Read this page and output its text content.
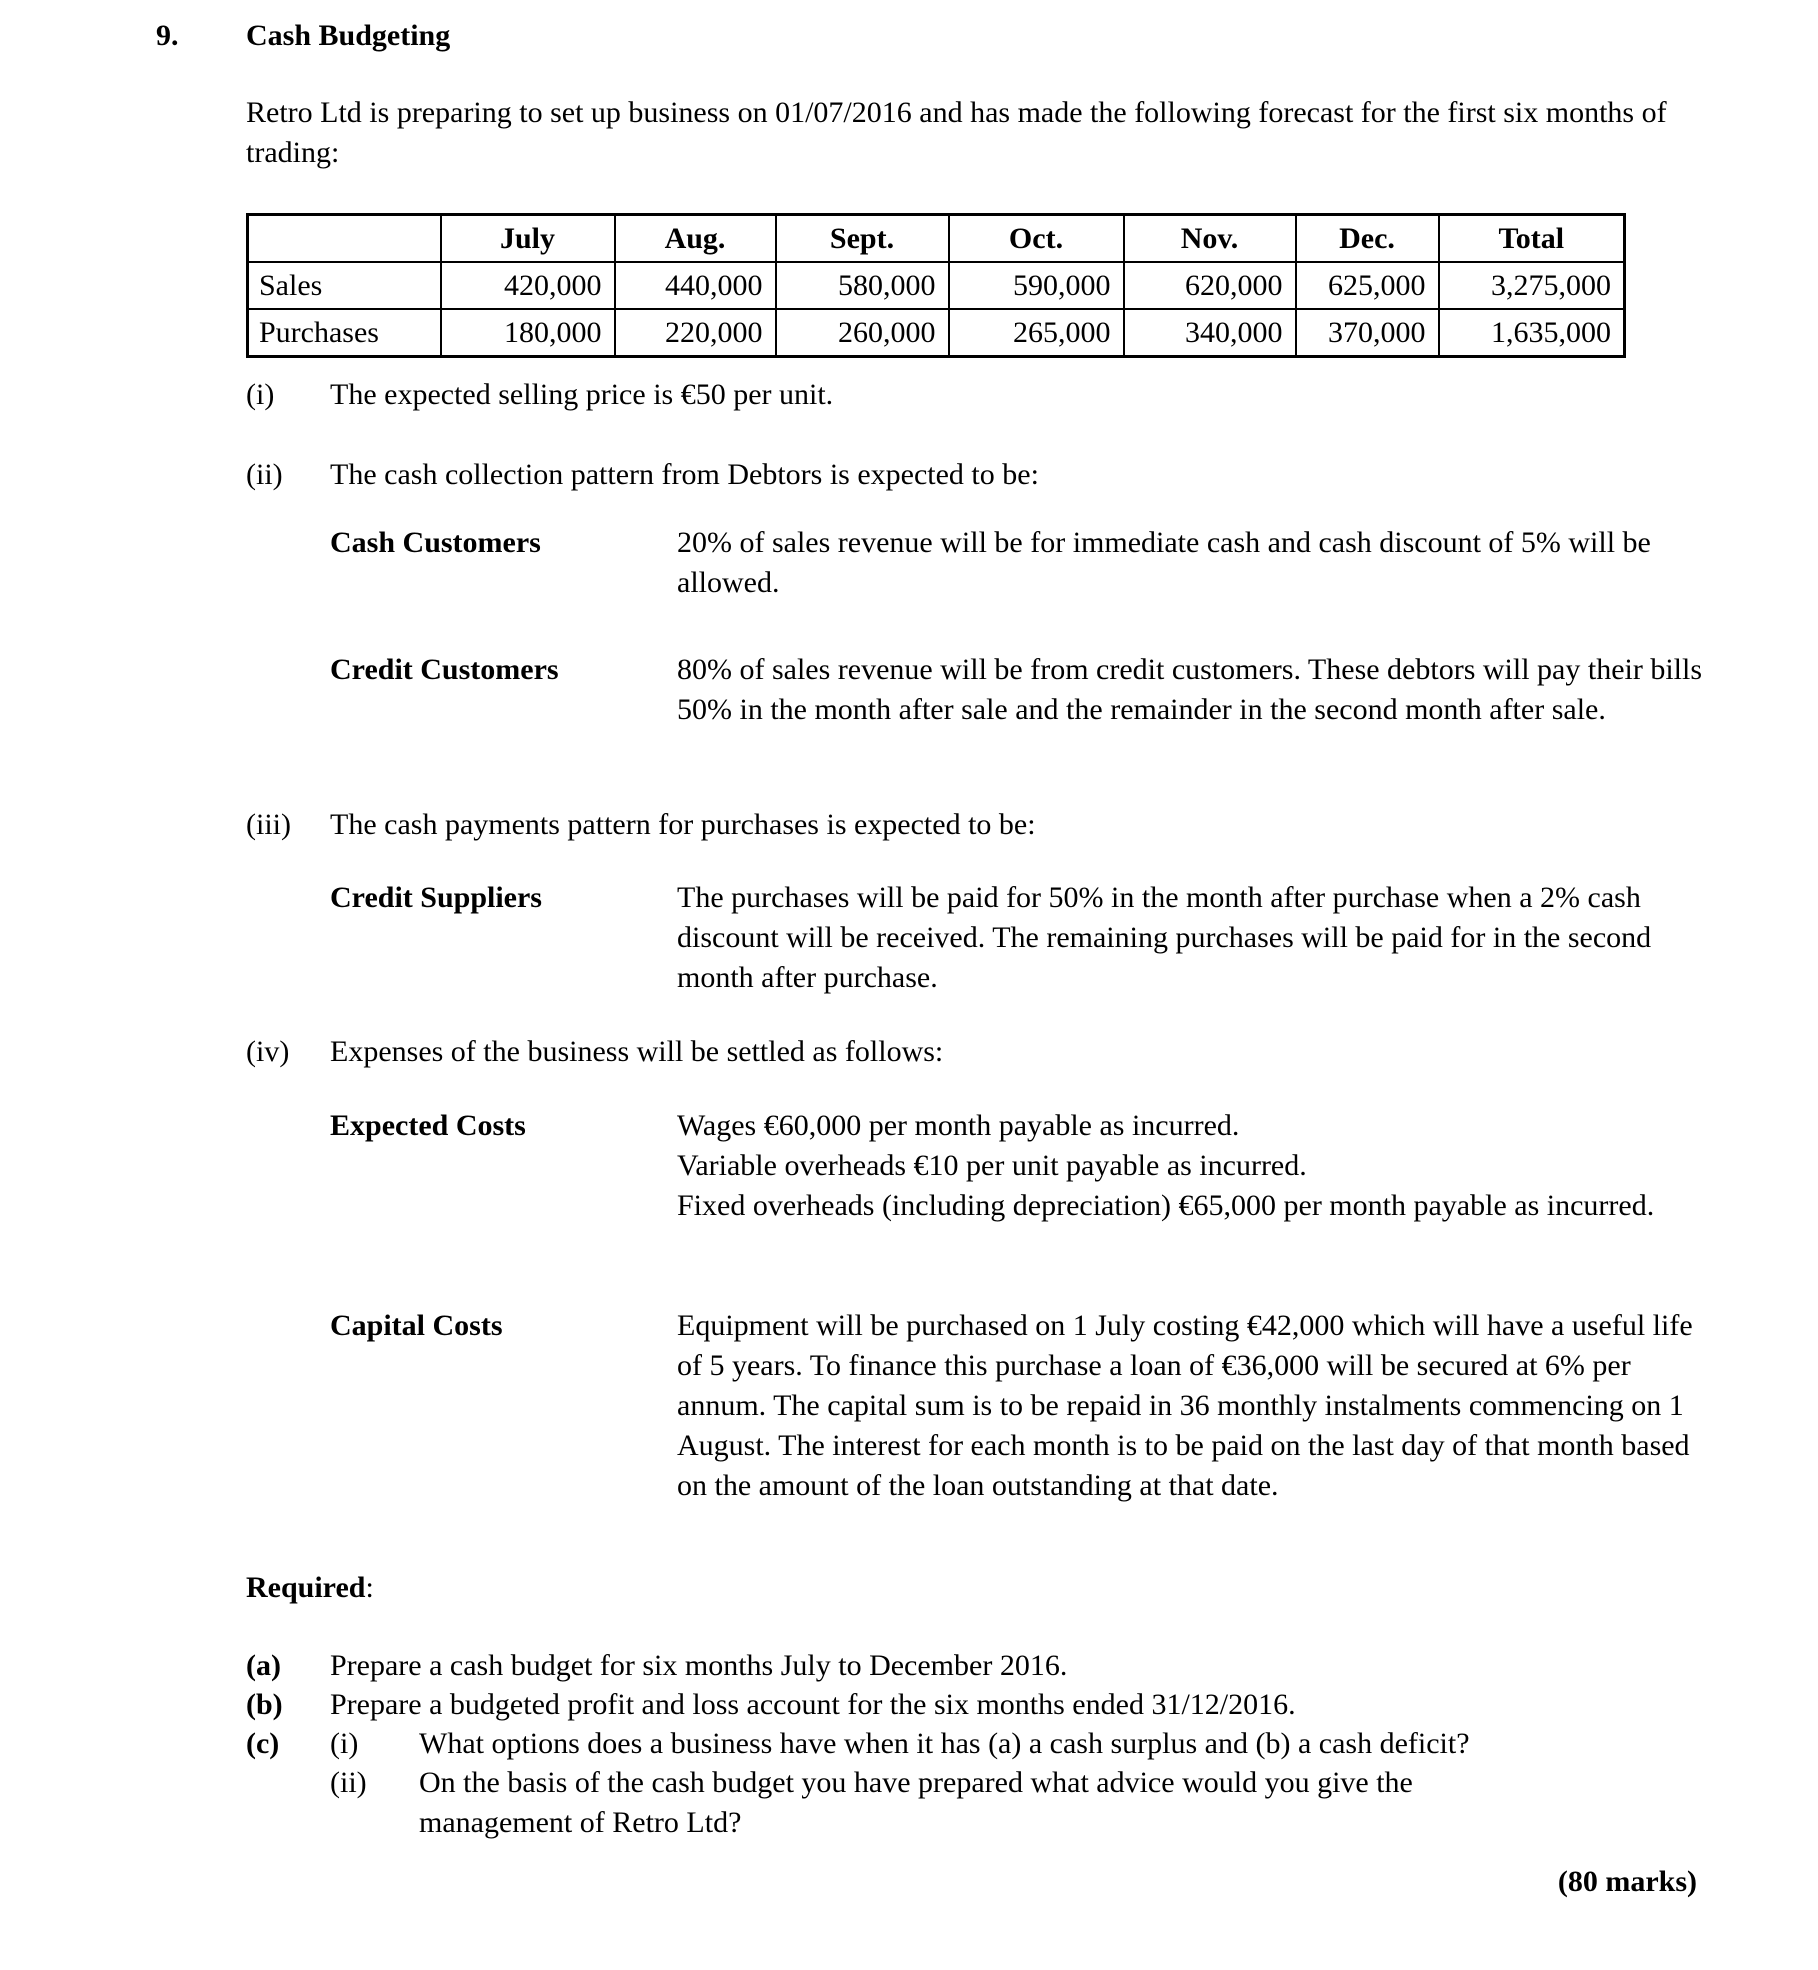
9. Cash Budgeting
Retro Ltd is preparing to set up business on 01/07/2016 and has made the following forecast for the first six months of trading:
	July	Aug.	Sept.	Oct.	Nov.	Dec.	Total
Sales	420,000	440,000	580,000	590,000	620,000	625,000	3,275,000
Purchases	180,000	220,000	260,000	265,000	340,000	370,000	1,635,000
(i) The expected selling price is €50 per unit.
(ii) The cash collection pattern from Debtors is expected to be:
Cash Customers	20% of sales revenue will be for immediate cash and cash discount of 5% will be allowed.
Credit Customers	80% of sales revenue will be from credit customers. These debtors will pay their bills 50% in the month after sale and the remainder in the second month after sale.
(iii) The cash payments pattern for purchases is expected to be:
Credit Suppliers	The purchases will be paid for 50% in the month after purchase when a 2% cash discount will be received. The remaining purchases will be paid for in the second month after purchase.
(iv) Expenses of the business will be settled as follows:
Expected Costs	Wages €60,000 per month payable as incurred.
Variable overheads €10 per unit payable as incurred.
Fixed overheads (including depreciation) €65,000 per month payable as incurred.
Capital Costs	Equipment will be purchased on 1 July costing €42,000 which will have a useful life of 5 years. To finance this purchase a loan of €36,000 will be secured at 6% per annum. The capital sum is to be repaid in 36 monthly instalments commencing on 1 August. The interest for each month is to be paid on the last day of that month based on the amount of the loan outstanding at that date.
Required:
(a) Prepare a cash budget for six months July to December 2016.
(b) Prepare a budgeted profit and loss account for the six months ended 31/12/2016.
(c) (i) What options does a business have when it has (a) a cash surplus and (b) a cash deficit?
(ii) On the basis of the cash budget you have prepared what advice would you give the
management of Retro Ltd?
(80 marks)
